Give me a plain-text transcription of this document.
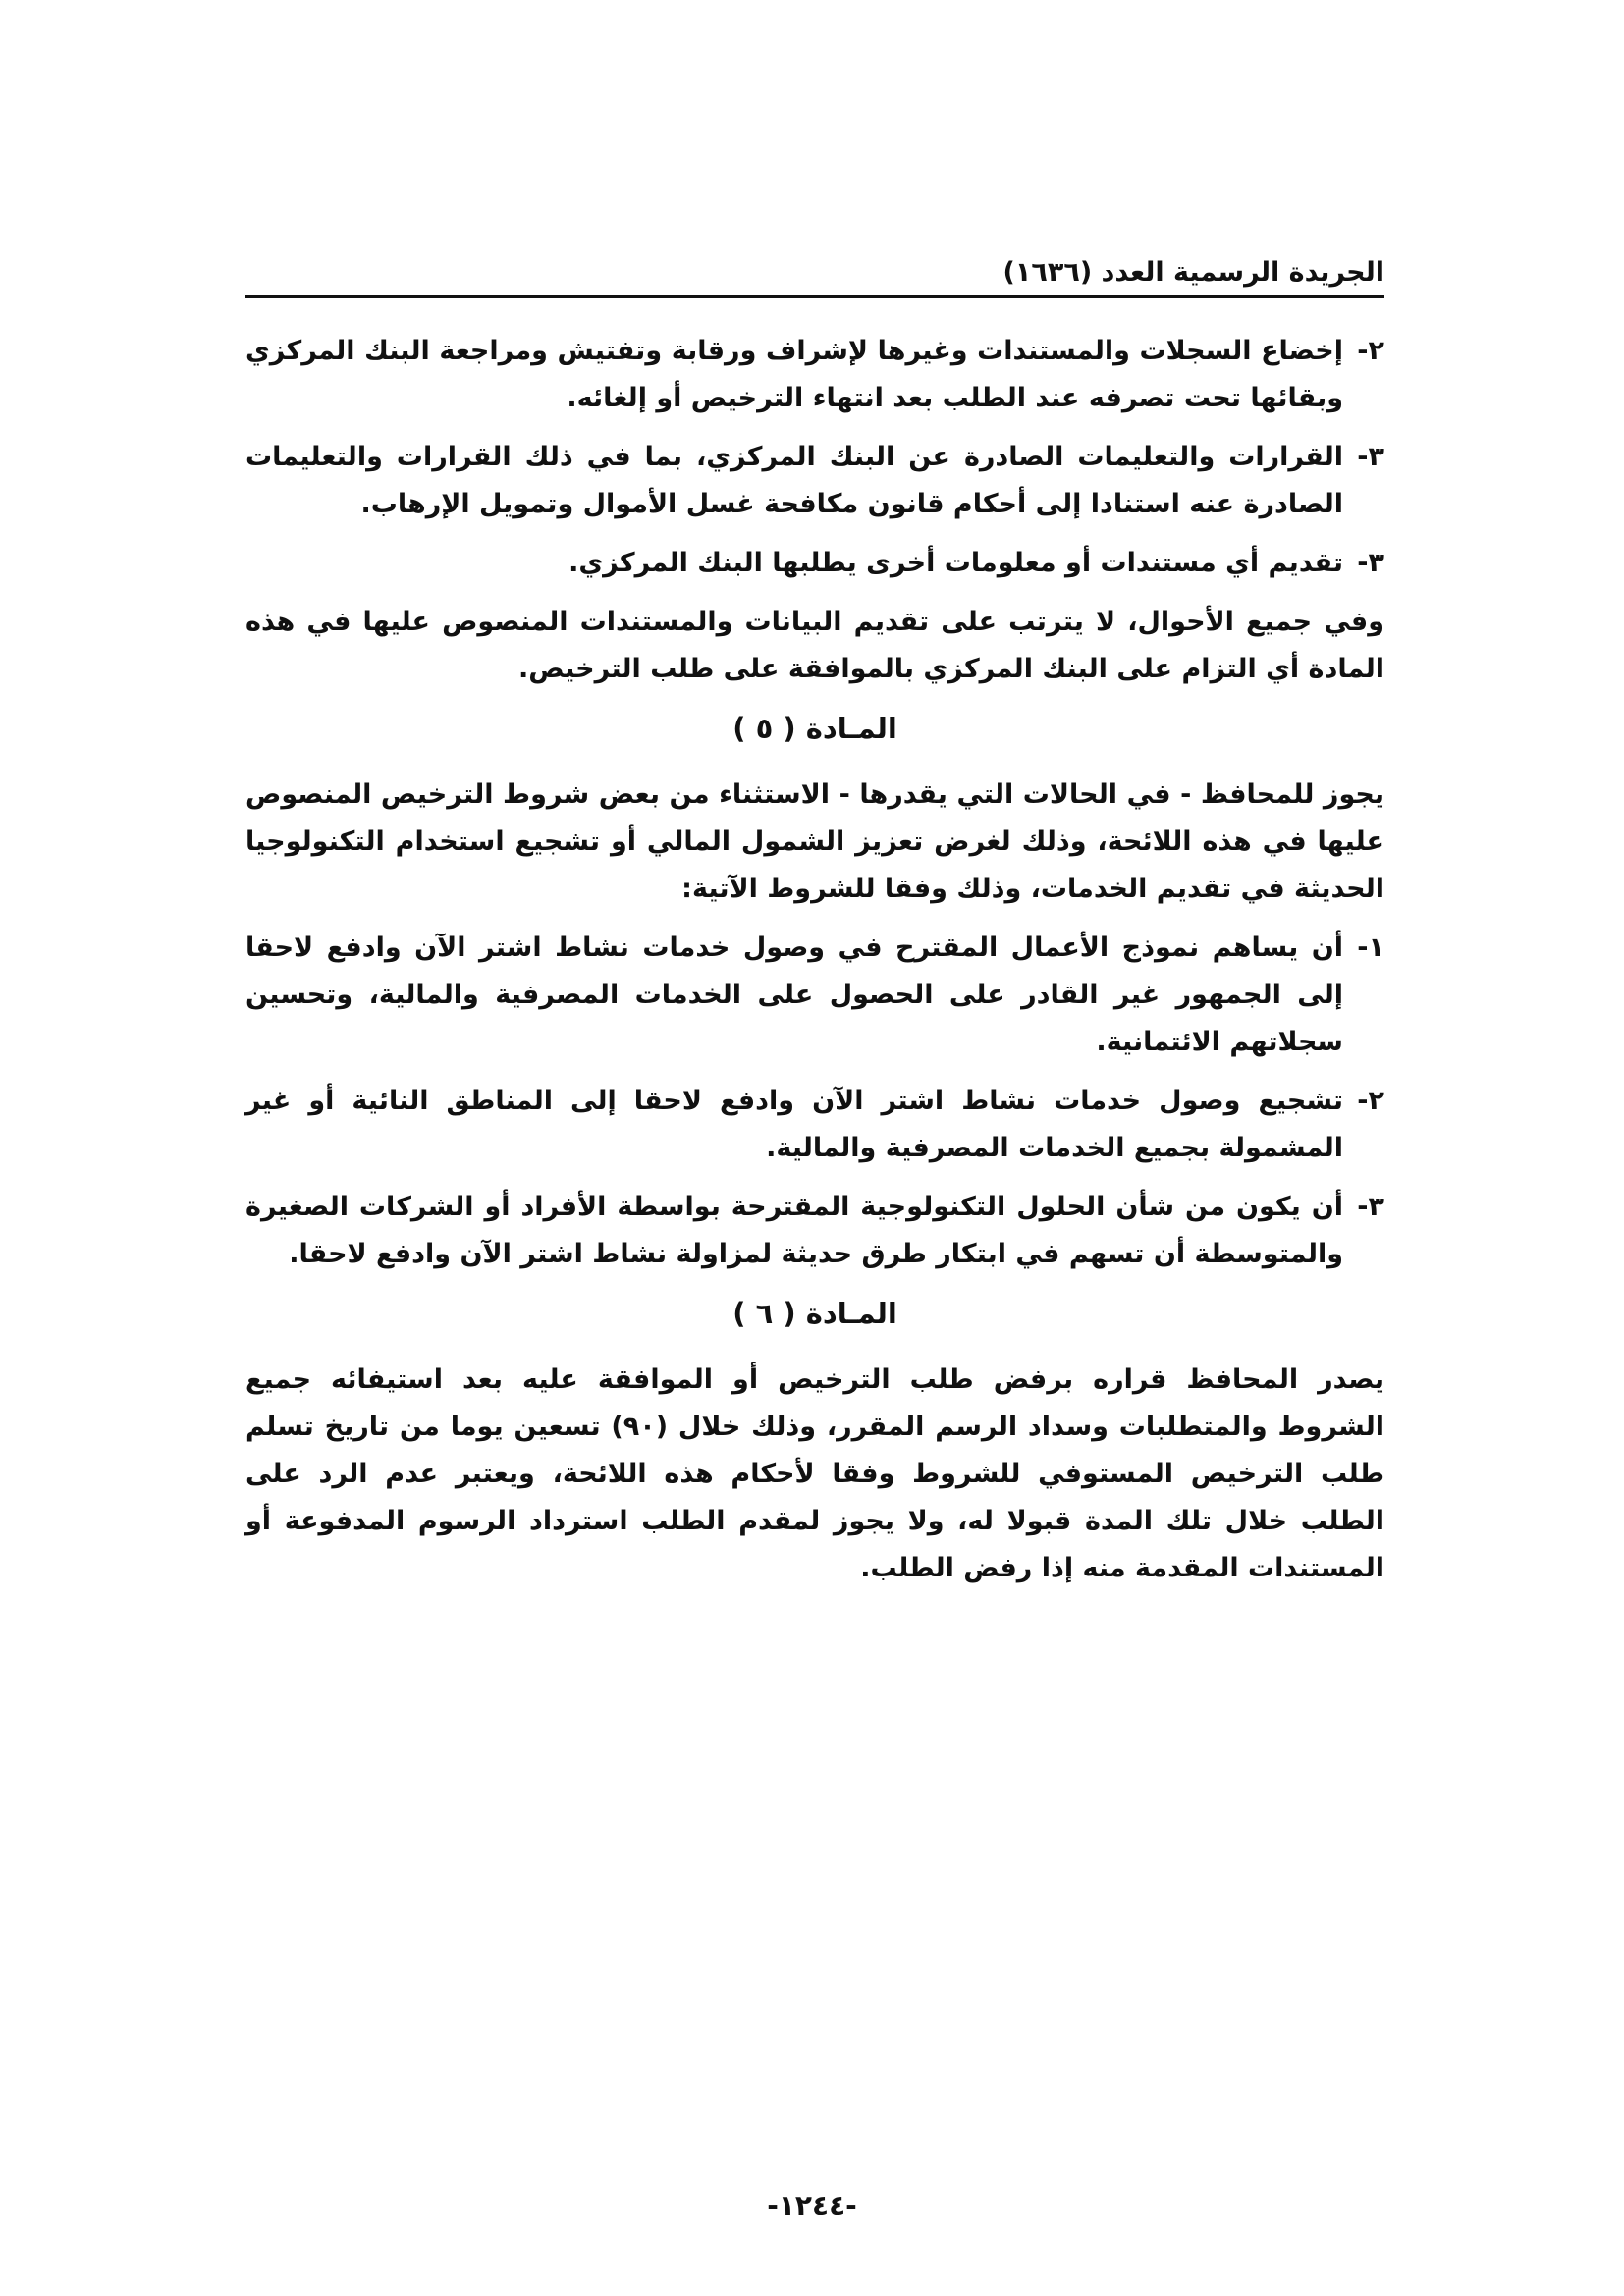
الجريدة الرسمية العدد (١٦٣٦)
٢-

إخضاع السجلات والمستندات وغيرها لإشراف ورقابة وتفتيش ومراجعة البنك المركزي وبقائها تحت تصرفه عند الطلب بعد انتهاء الترخيص أو إلغائه.

٣-

القرارات والتعليمات الصادرة عن البنك المركزي، بما في ذلك القرارات والتعليمات الصادرة عنه استنادا إلى أحكام قانون مكافحة غسل الأموال وتمويل الإرهاب.

٣-

تقديم أي مستندات أو معلومات أخرى يطلبها البنك المركزي.

وفي جميع الأحوال، لا يترتب على تقديم البيانات والمستندات المنصوص عليها في هذه المادة أي التزام على البنك المركزي بالموافقة على طلب الترخيص.

المـادة ( ٥ )

يجوز للمحافظ - في الحالات التي يقدرها - الاستثناء من بعض شروط الترخيص المنصوص عليها في هذه اللائحة، وذلك لغرض تعزيز الشمول المالي أو تشجيع استخدام التكنولوجيا الحديثة في تقديم الخدمات، وذلك وفقا للشروط الآتية:

١-

أن يساهم نموذج الأعمال المقترح في وصول خدمات نشاط اشتر الآن وادفع لاحقا إلى الجمهور غير القادر على الحصول على الخدمات المصرفية والمالية، وتحسين سجلاتهم الائتمانية.

٢-

تشجيع وصول خدمات نشاط اشتر الآن وادفع لاحقا إلى المناطق النائية أو غير المشمولة بجميع الخدمات المصرفية والمالية.

٣-

أن يكون من شأن الحلول التكنولوجية المقترحة بواسطة الأفراد أو الشركات الصغيرة والمتوسطة أن تسهم في ابتكار طرق حديثة لمزاولة نشاط اشتر الآن وادفع لاحقا.

المـادة ( ٦ )

يصدر المحافظ قراره برفض طلب الترخيص أو الموافقة عليه بعد استيفائه جميع الشروط والمتطلبات وسداد الرسم المقرر، وذلك خلال (٩٠) تسعين يوما من تاريخ تسلم طلب الترخيص المستوفي للشروط وفقا لأحكام هذه اللائحة، ويعتبر عدم الرد على الطلب خلال تلك المدة قبولا له، ولا يجوز لمقدم الطلب استرداد الرسوم المدفوعة أو المستندات المقدمة منه إذا رفض الطلب.

-١٢٤٤-
